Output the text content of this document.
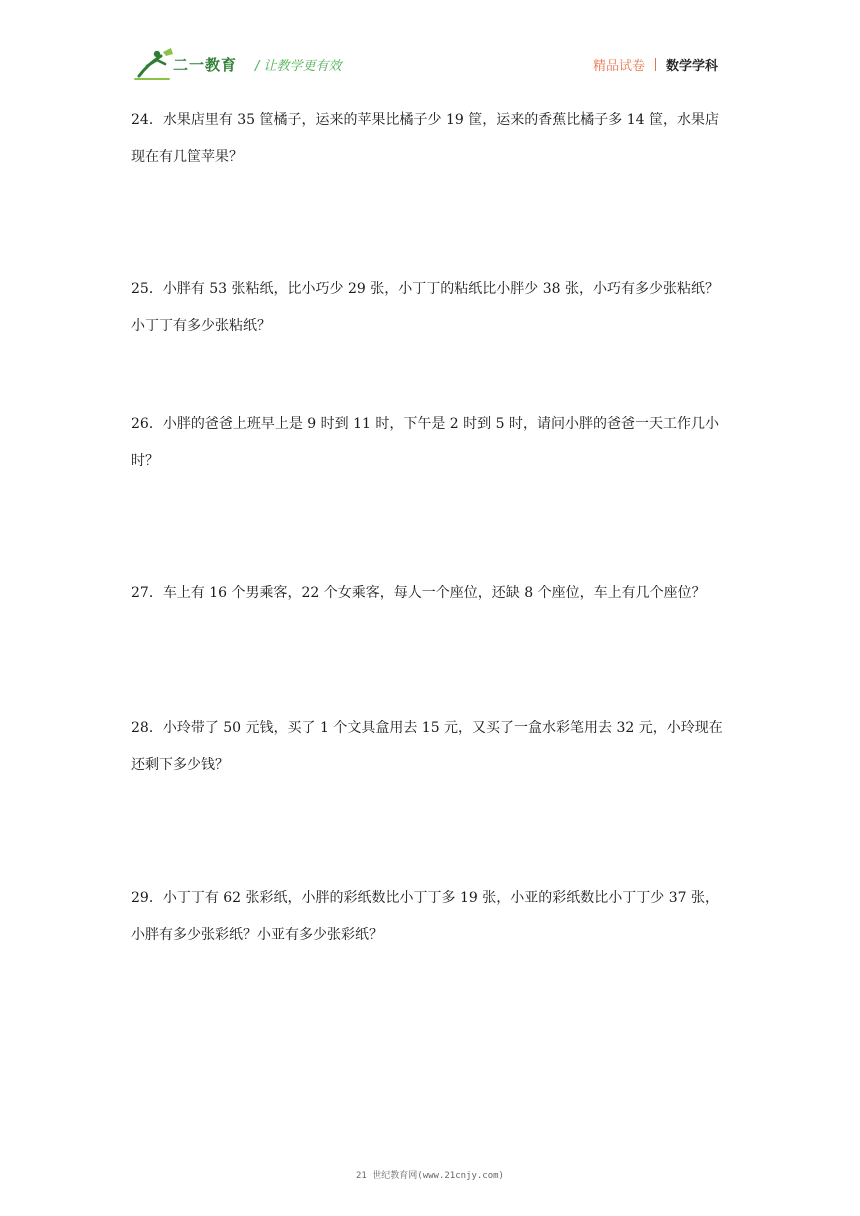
二一教育 / 让教学更有效	精品试卷 数学学科
24．水果店里有 35 筐橘子，运来的苹果比橘子少 19 筐，运来的香蕉比橘子多 14 筐，水果店现在有几筐苹果？
25．小胖有 53 张粘纸，比小巧少 29 张，小丁丁的粘纸比小胖少 38 张，小巧有多少张粘纸？小丁丁有多少张粘纸？
26．小胖的爸爸上班早上是 9 时到 11 时，下午是 2 时到 5 时，请问小胖的爸爸一天工作几小时？
27．车上有 16 个男乘客，22 个女乘客，每人一个座位，还缺 8 个座位，车上有几个座位？
28．小玲带了 50 元钱，买了 1 个文具盒用去 15 元，又买了一盒水彩笔用去 32 元，小玲现在还剩下多少钱？
29．小丁丁有 62 张彩纸，小胖的彩纸数比小丁丁多 19 张，小亚的彩纸数比小丁丁少 37 张，小胖有多少张彩纸？小亚有多少张彩纸？
21 世纪教育网(www.21cnjy.com)
